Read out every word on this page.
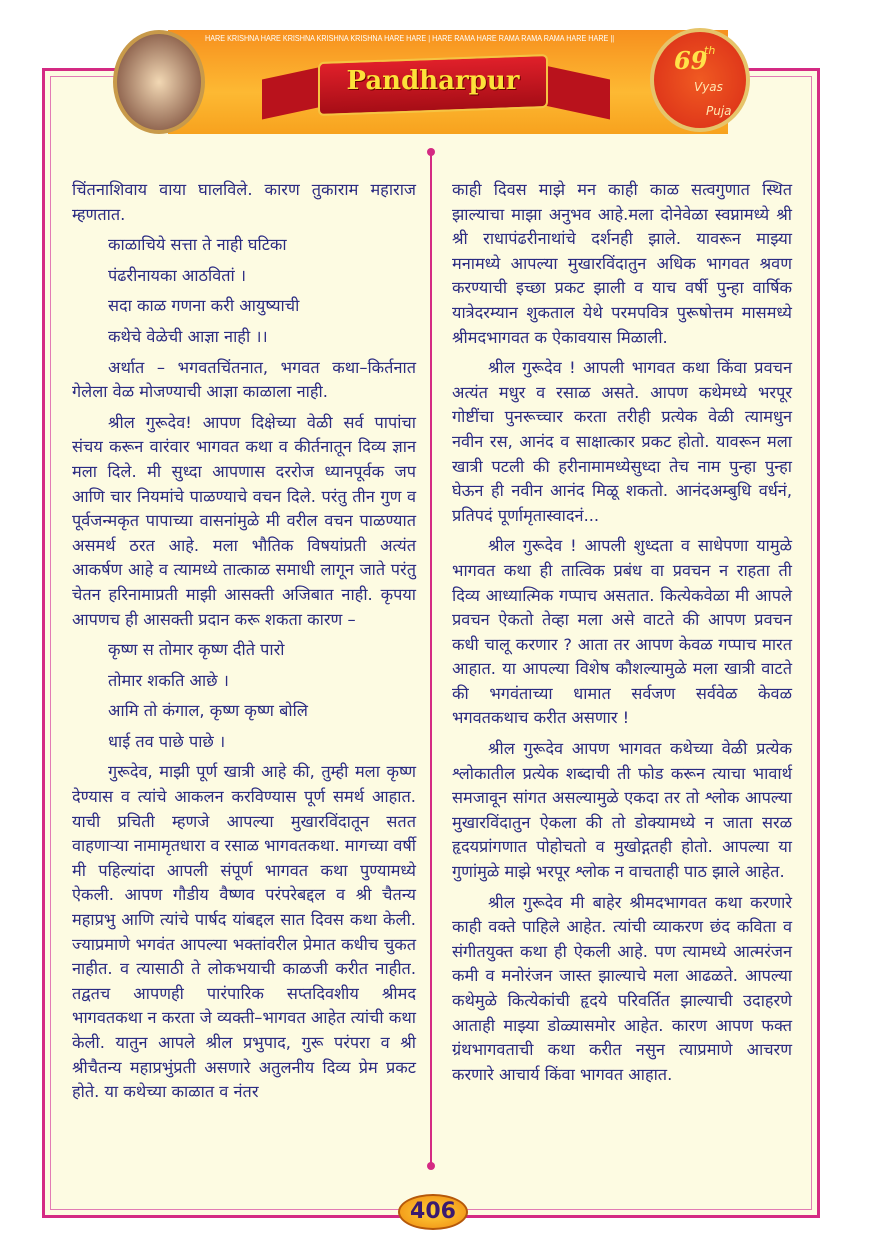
Pandharpur
69
th
Vyas
Puja
HARE KRISHNA HARE KRISHNA KRISHNA KRISHNA HARE HARE | HARE RAMA HARE RAMA RAMA RAMA HARE HARE ||

चिंतनाशिवाय वाया घालविले. कारण तुकाराम महाराज म्हणतात.

काळाचिये सत्ता ते नाही घटिका

पंढरीनायका आठवितां ।

सदा काळ गणना करी आयुष्याची

कथेचे वेळेची आज्ञा नाही ।।

अर्थात – भगवतचिंतनात, भगवत कथा–किर्तनात गेलेला वेळ मोजण्याची आज्ञा काळाला नाही.

श्रील गुरूदेव! आपण दिक्षेच्या वेळी सर्व पापांचा संचय करून वारंवार भागवत कथा व कीर्तनातून दिव्य ज्ञान मला दिले. मी सुध्दा आपणास दररोज ध्यानपूर्वक जप आणि चार नियमांचे पाळण्याचे वचन दिले. परंतु तीन गुण व पूर्वजन्मकृत पापाच्या वासनांमुळे मी वरील वचन पाळण्यात असमर्थ ठरत आहे. मला भौतिक विषयांप्रती अत्यंत आकर्षण आहे व त्यामध्ये तात्काळ समाधी लागून जाते परंतु चेतन हरिनामाप्रती माझी आसक्ती अजिबात नाही. कृपया आपणच ही आसक्ती प्रदान करू शकता कारण –

कृष्ण स तोमार कृष्ण दीते पारो

तोमार शकति आछे ।

आमि तो कंगाल, कृष्ण कृष्ण बोलि

धाई तव पाछे पाछे ।

गुरूदेव, माझी पूर्ण खात्री आहे की, तुम्ही मला कृष्ण देण्यास व त्यांचे आकलन करविण्यास पूर्ण समर्थ आहात. याची प्रचिती म्हणजे आपल्या मुखारविंदातून सतत वाहणाऱ्या नामामृतधारा व रसाळ भागवतकथा. मागच्या वर्षी मी पहिल्यांदा आपली संपूर्ण भागवत कथा पुण्यामध्ये ऐकली. आपण गौडीय वैष्णव परंपरेबद्दल व श्री चैतन्य महाप्रभु आणि त्यांचे पार्षद यांबद्दल सात दिवस कथा केली. ज्याप्रमाणे भगवंत आपल्या भक्तांवरील प्रेमात कधीच चुकत नाहीत. व त्यासाठी ते लोकभयाची काळजी करीत नाहीत. तद्वतच आपणही पारंपारिक सप्तदिवशीय श्रीमद भागवतकथा न करता जे व्यक्ती–भागवत आहेत त्यांची कथा केली. यातुन आपले श्रील प्रभुपाद, गुरू परंपरा व श्री श्रीचैतन्य महाप्रभुंप्रती असणारे अतुलनीय दिव्य प्रेम प्रकट होते. या कथेच्या काळात व नंतर

काही दिवस माझे मन काही काळ सत्वगुणात स्थित झाल्याचा माझा अनुभव आहे.मला दोनेवेळा स्वप्नामध्ये श्री श्री राधापंढरीनाथांचे दर्शनही झाले. यावरून माझ्या मनामध्ये आपल्या मुखारविंदातुन अधिक भागवत श्रवण करण्याची इच्छा प्रकट झाली व याच वर्षी पुन्हा वार्षिक यात्रेदरम्यान शुकताल येथे परमपवित्र पुरूषोत्तम मासमध्ये श्रीमदभागवत क ऐकावयास मिळाली.

श्रील गुरूदेव ! आपली भागवत कथा किंवा प्रवचन अत्यंत मधुर व रसाळ असते. आपण कथेमध्ये भरपूर गोष्टींचा पुनरूच्चार करता तरीही प्रत्येक वेळी त्यामधुन नवीन रस, आनंद व साक्षात्कार प्रकट होतो. यावरून मला खात्री पटली की हरीनामामध्येसुध्दा तेच नाम पुन्हा पुन्हा घेऊन ही नवीन आनंद मिळू शकतो. आनंदअम्बुधि वर्धनं, प्रतिपदं पूर्णामृतास्वादनं...

श्रील गुरूदेव ! आपली शुध्दता व साधेपणा यामुळे भागवत कथा ही तात्विक प्रबंध वा प्रवचन न राहता ती दिव्य आध्यात्मिक गप्पाच असतात. कित्येकवेळा मी आपले प्रवचन ऐकतो तेव्हा मला असे वाटते की आपण प्रवचन कधी चालू करणार ? आता तर आपण केवळ गप्पाच मारत आहात. या आपल्या विशेष कौशल्यामुळे मला खात्री वाटते की भगवंताच्या धामात सर्वजण सर्ववेळ केवळ भगवतकथाच करीत असणार !

श्रील गुरूदेव आपण भागवत कथेच्या वेळी प्रत्येक श्लोकातील प्रत्येक शब्दाची ती फोड करून त्याचा भावार्थ समजावून सांगत असल्यामुळे एकदा तर तो श्लोक आपल्या मुखारविंदातुन ऐकला की तो डोक्यामध्ये न जाता सरळ हृदयप्रांगणात पोहोचतो व मुखोद्गतही होतो. आपल्या या गुणांमुळे माझे भरपूर श्लोक न वाचताही पाठ झाले आहेत.

श्रील गुरूदेव मी बाहेर श्रीमदभागवत कथा करणारे काही वक्ते पाहिले आहेत. त्यांची व्याकरण छंद कविता व संगीतयुक्त कथा ही ऐकली आहे. पण त्यामध्ये आत्मरंजन कमी व मनोरंजन जास्त झाल्याचे मला आढळते. आपल्या कथेमुळे कित्येकांची हृदये परिवर्तित झाल्याची उदाहरणे आताही माझ्या डोळ्यासमोर आहेत. कारण आपण फक्त ग्रंथभागवताची कथा करीत नसुन त्याप्रमाणे आचरण करणारे आचार्य किंवा भागवत आहात.

406
